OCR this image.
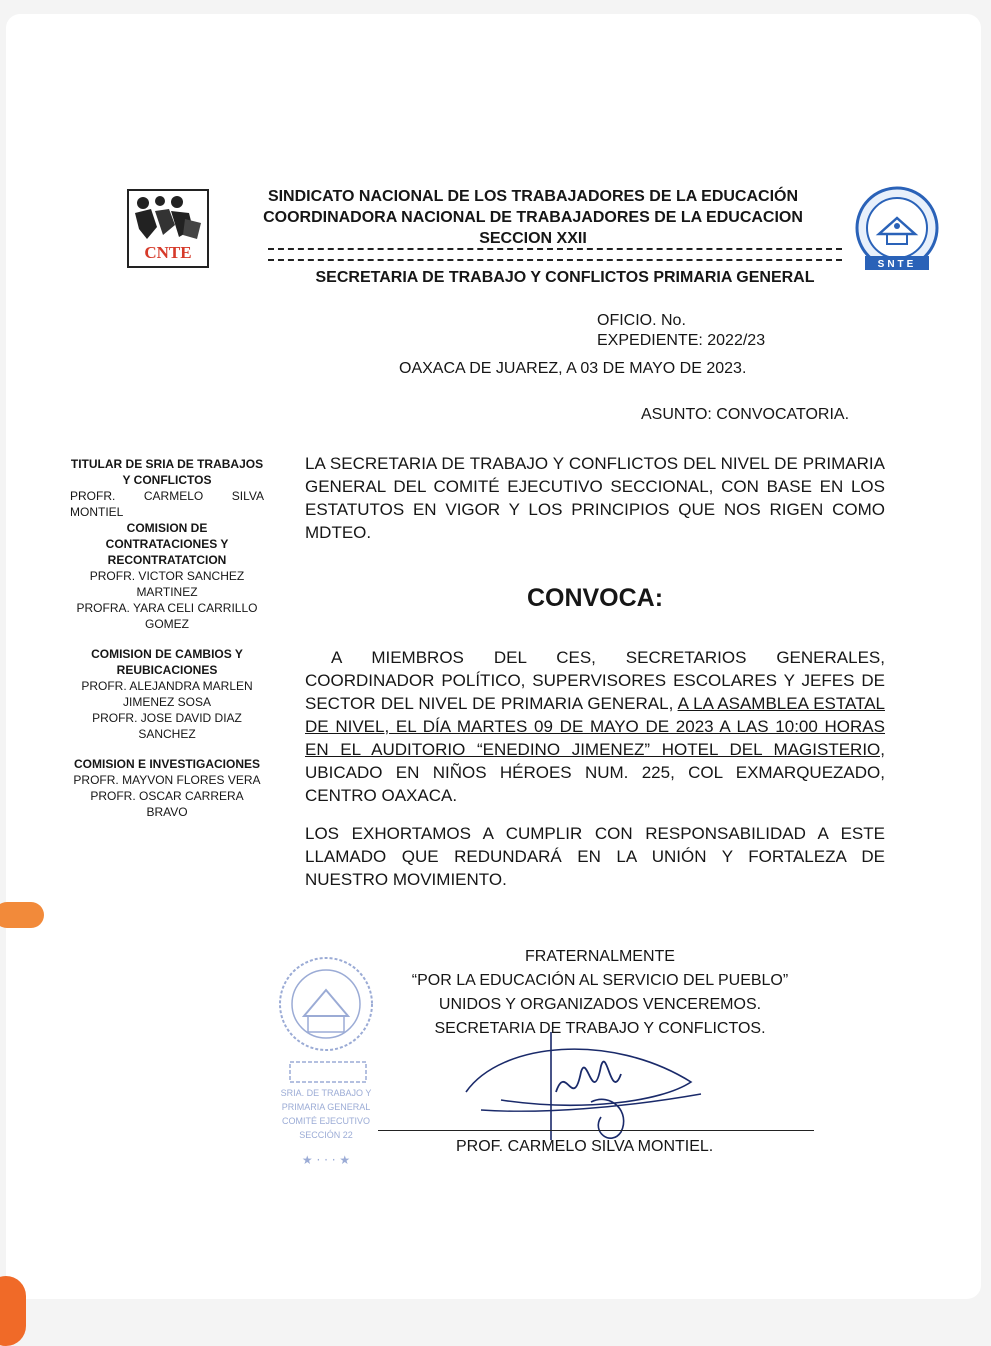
CNTE
SINDICATO NACIONAL DE LOS TRABAJADORES DE LA EDUCACIÓN
COORDINADORA NACIONAL DE TRABAJADORES DE LA EDUCACION
SECCION XXII
SECRETARIA DE TRABAJO Y CONFLICTOS PRIMARIA GENERAL
SNTE
OFICIO. No.
EXPEDIENTE: 2022/23
OAXACA DE JUAREZ, A 03 DE MAYO DE 2023.
ASUNTO: CONVOCATORIA.
TITULAR DE SRIA DE TRABAJOS Y CONFLICTOS
PROFR. CARMELO SILVA MONTIEL
COMISION DE CONTRATACIONES Y RECONTRATATCION
PROFR. VICTOR SANCHEZ MARTINEZ
PROFRA. YARA CELI CARRILLO GOMEZ
COMISION DE CAMBIOS Y REUBICACIONES
PROFR. ALEJANDRA MARLEN JIMENEZ SOSA
PROFR. JOSE DAVID DIAZ SANCHEZ
COMISION E INVESTIGACIONES
PROFR. MAYVON FLORES VERA
PROFR. OSCAR CARRERA BRAVO
LA SECRETARIA DE TRABAJO Y CONFLICTOS DEL NIVEL DE PRIMARIA GENERAL DEL COMITÉ EJECUTIVO SECCIONAL, CON BASE EN LOS ESTATUTOS EN VIGOR Y LOS PRINCIPIOS QUE NOS RIGEN COMO MDTEO.
CONVOCA:
A MIEMBROS DEL CES, SECRETARIOS GENERALES, COORDINADOR POLÍTICO, SUPERVISORES ESCOLARES Y JEFES DE SECTOR DEL NIVEL DE PRIMARIA GENERAL, A LA ASAMBLEA ESTATAL DE NIVEL, EL DÍA MARTES 09 DE MAYO DE 2023 A LAS 10:00 HORAS EN EL AUDITORIO “ENEDINO JIMENEZ” HOTEL DEL MAGISTERIO, UBICADO EN NIÑOS HÉROES NUM. 225, COL EXMARQUEZADO, CENTRO OAXACA.
LOS EXHORTAMOS A CUMPLIR CON RESPONSABILIDAD A ESTE LLAMADO QUE REDUNDARÁ EN LA UNIÓN Y FORTALEZA DE NUESTRO MOVIMIENTO.
SRIA. DE TRABAJO Y
PRIMARIA GENERAL
COMITÉ EJECUTIVO
SECCIÓN 22
★ · · · ★
FRATERNALMENTE
“POR LA EDUCACIÓN AL SERVICIO DEL PUEBLO”
UNIDOS Y ORGANIZADOS VENCEREMOS.
SECRETARIA DE TRABAJO Y CONFLICTOS.
PROF. CARMELO SILVA MONTIEL.
